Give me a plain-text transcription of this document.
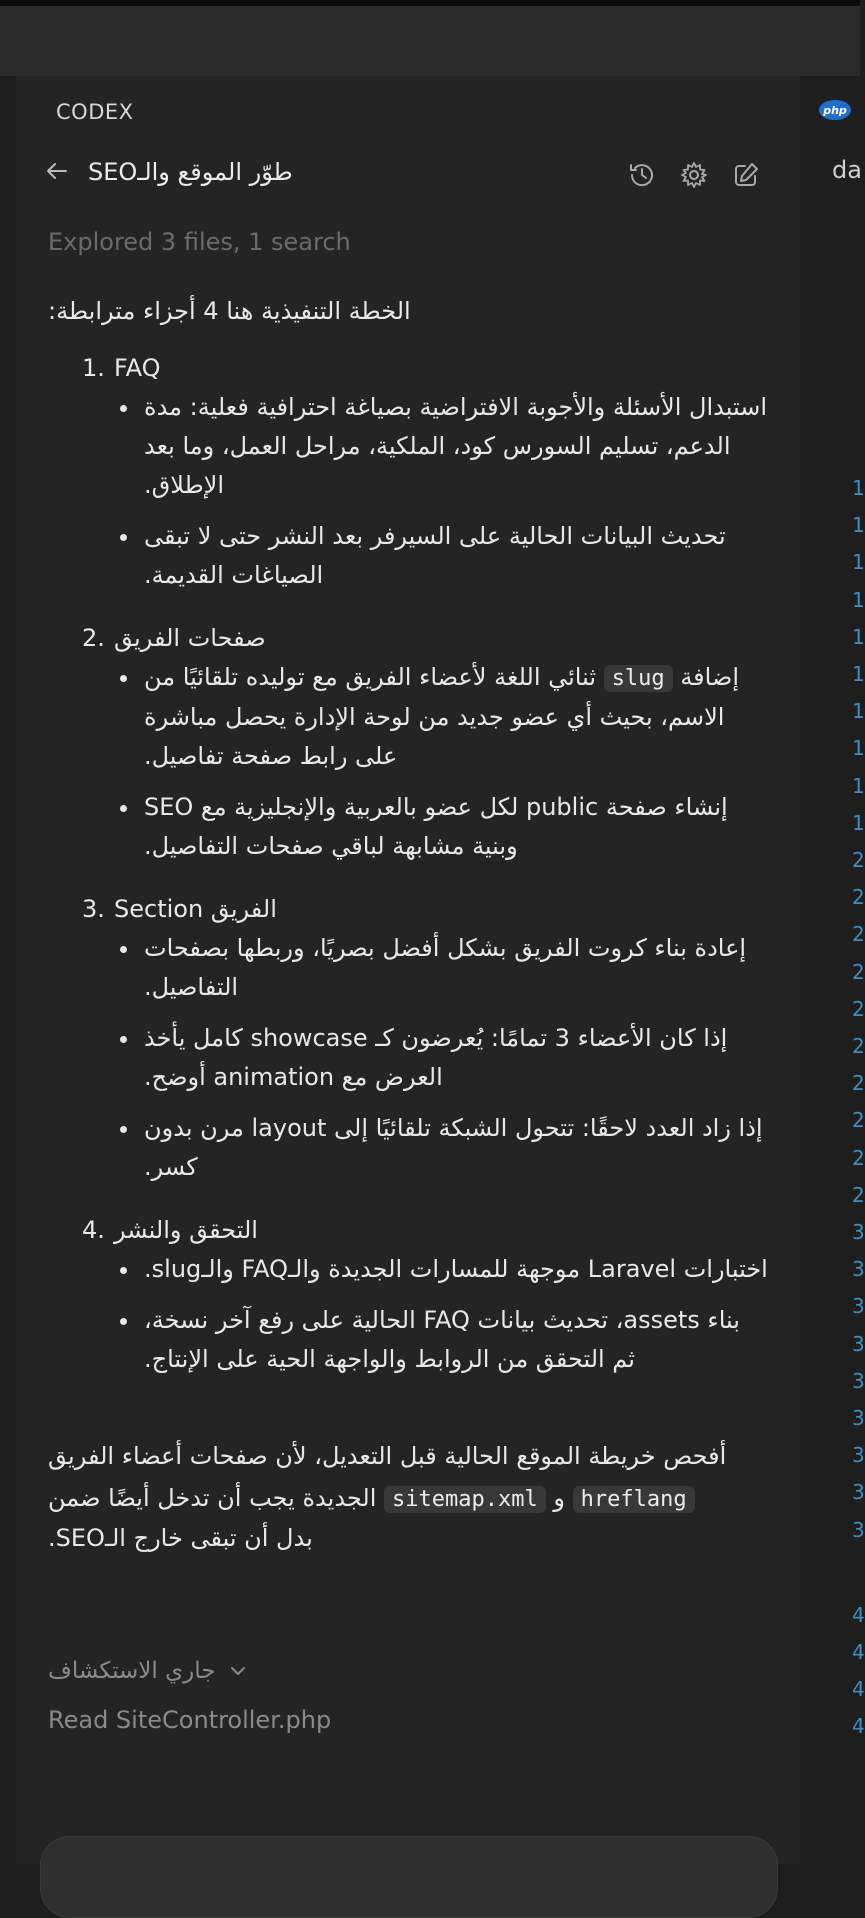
1
1
1
1
1
1
1
1
1
1
2
2
2
2
2
2
2
2
2
2
3
3
3
3
3
3
3
3
3
4
4
4
4
php
da
CODEX
طوّر الموقع والـSEO
Explored 3 files, 1 search

الخطة التنفيذية هنا 4 أجزاء مترابطة:

1. FAQ
استبدال الأسئلة والأجوبة الافتراضية بصياغة احترافية فعلية: مدة الدعم، تسليم السورس كود، الملكية، مراحل العمل، وما بعد الإطلاق.
تحديث البيانات الحالية على السيرفر بعد النشر حتى لا تبقى الصياغات القديمة.
2. صفحات الفريق
إضافة slug ثنائي اللغة لأعضاء الفريق مع توليده تلقائيًا من الاسم، بحيث أي عضو جديد من لوحة الإدارة يحصل مباشرة على رابط صفحة تفاصيل.
إنشاء صفحة public لكل عضو بالعربية والإنجليزية مع SEO وبنية مشابهة لباقي صفحات التفاصيل.
3. Section الفريق
إعادة بناء كروت الفريق بشكل أفضل بصريًا، وربطها بصفحات التفاصيل.
إذا كان الأعضاء 3 تمامًا: يُعرضون كـ showcase كامل يأخذ العرض مع animation أوضح.
إذا زاد العدد لاحقًا: تتحول الشبكة تلقائيًا إلى layout مرن بدون كسر.
4. التحقق والنشر
اختبارات Laravel موجهة للمسارات الجديدة والـFAQ والـslug.
بناء assets، تحديث بيانات FAQ الحالية على رفع آخر نسخة، ثم التحقق من الروابط والواجهة الحية على الإنتاج.

أفحص خريطة الموقع الحالية قبل التعديل، لأن صفحات أعضاء الفريق

الجديدة يجب أن تدخل أيضًا ضمن sitemap.xml و hreflang

بدل أن تبقى خارج الـSEO.

جاري الاستكشاف
Read SiteController.php
